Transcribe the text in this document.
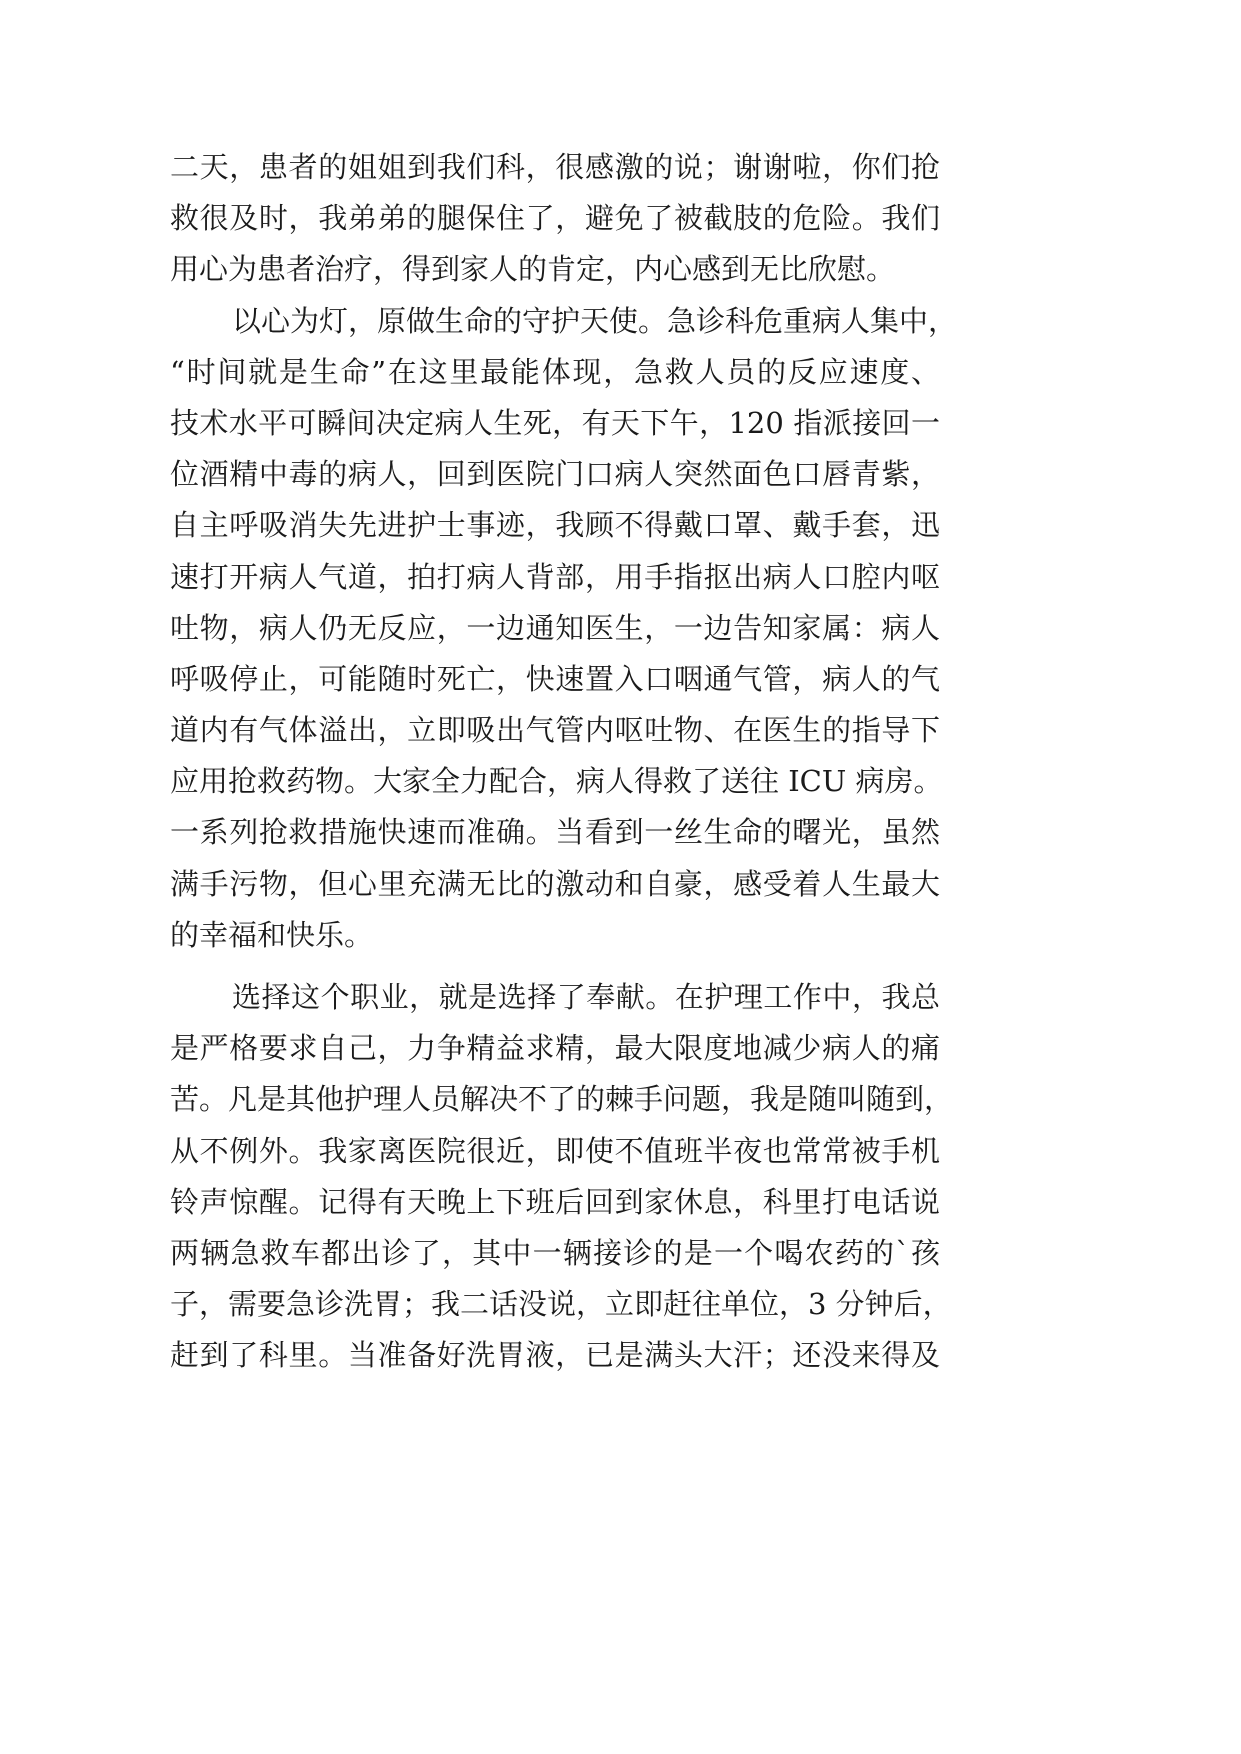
二天，患者的姐姐到我们科，很感激的说；谢谢啦，你们抢
救很及时，我弟弟的腿保住了，避免了被截肢的危险。我们
用心为患者治疗，得到家人的肯定，内心感到无比欣慰。
以心为灯，原做生命的守护天使。急诊科危重病人集中，
“时间就是生命”在这里最能体现，急救人员的反应速度、
技术水平可瞬间决定病人生死，有天下午，120 指派接回一
位酒精中毒的病人，回到医院门口病人突然面色口唇青紫，
自主呼吸消失先进护士事迹，我顾不得戴口罩、戴手套，迅
速打开病人气道，拍打病人背部，用手指抠出病人口腔内呕
吐物，病人仍无反应，一边通知医生，一边告知家属：病人
呼吸停止，可能随时死亡，快速置入口咽通气管，病人的气
道内有气体溢出，立即吸出气管内呕吐物、在医生的指导下
应用抢救药物。大家全力配合，病人得救了送往 ICU 病房。
一系列抢救措施快速而准确。当看到一丝生命的曙光，虽然
满手污物，但心里充满无比的激动和自豪，感受着人生最大
的幸福和快乐。
选择这个职业，就是选择了奉献。在护理工作中，我总
是严格要求自己，力争精益求精，最大限度地减少病人的痛
苦。凡是其他护理人员解决不了的棘手问题，我是随叫随到，
从不例外。我家离医院很近，即使不值班半夜也常常被手机
铃声惊醒。记得有天晚上下班后回到家休息，科里打电话说
两辆急救车都出诊了，其中一辆接诊的是一个喝农药的`孩
子，需要急诊洗胃；我二话没说，立即赶往单位，3 分钟后，
赶到了科里。当准备好洗胃液，已是满头大汗；还没来得及
